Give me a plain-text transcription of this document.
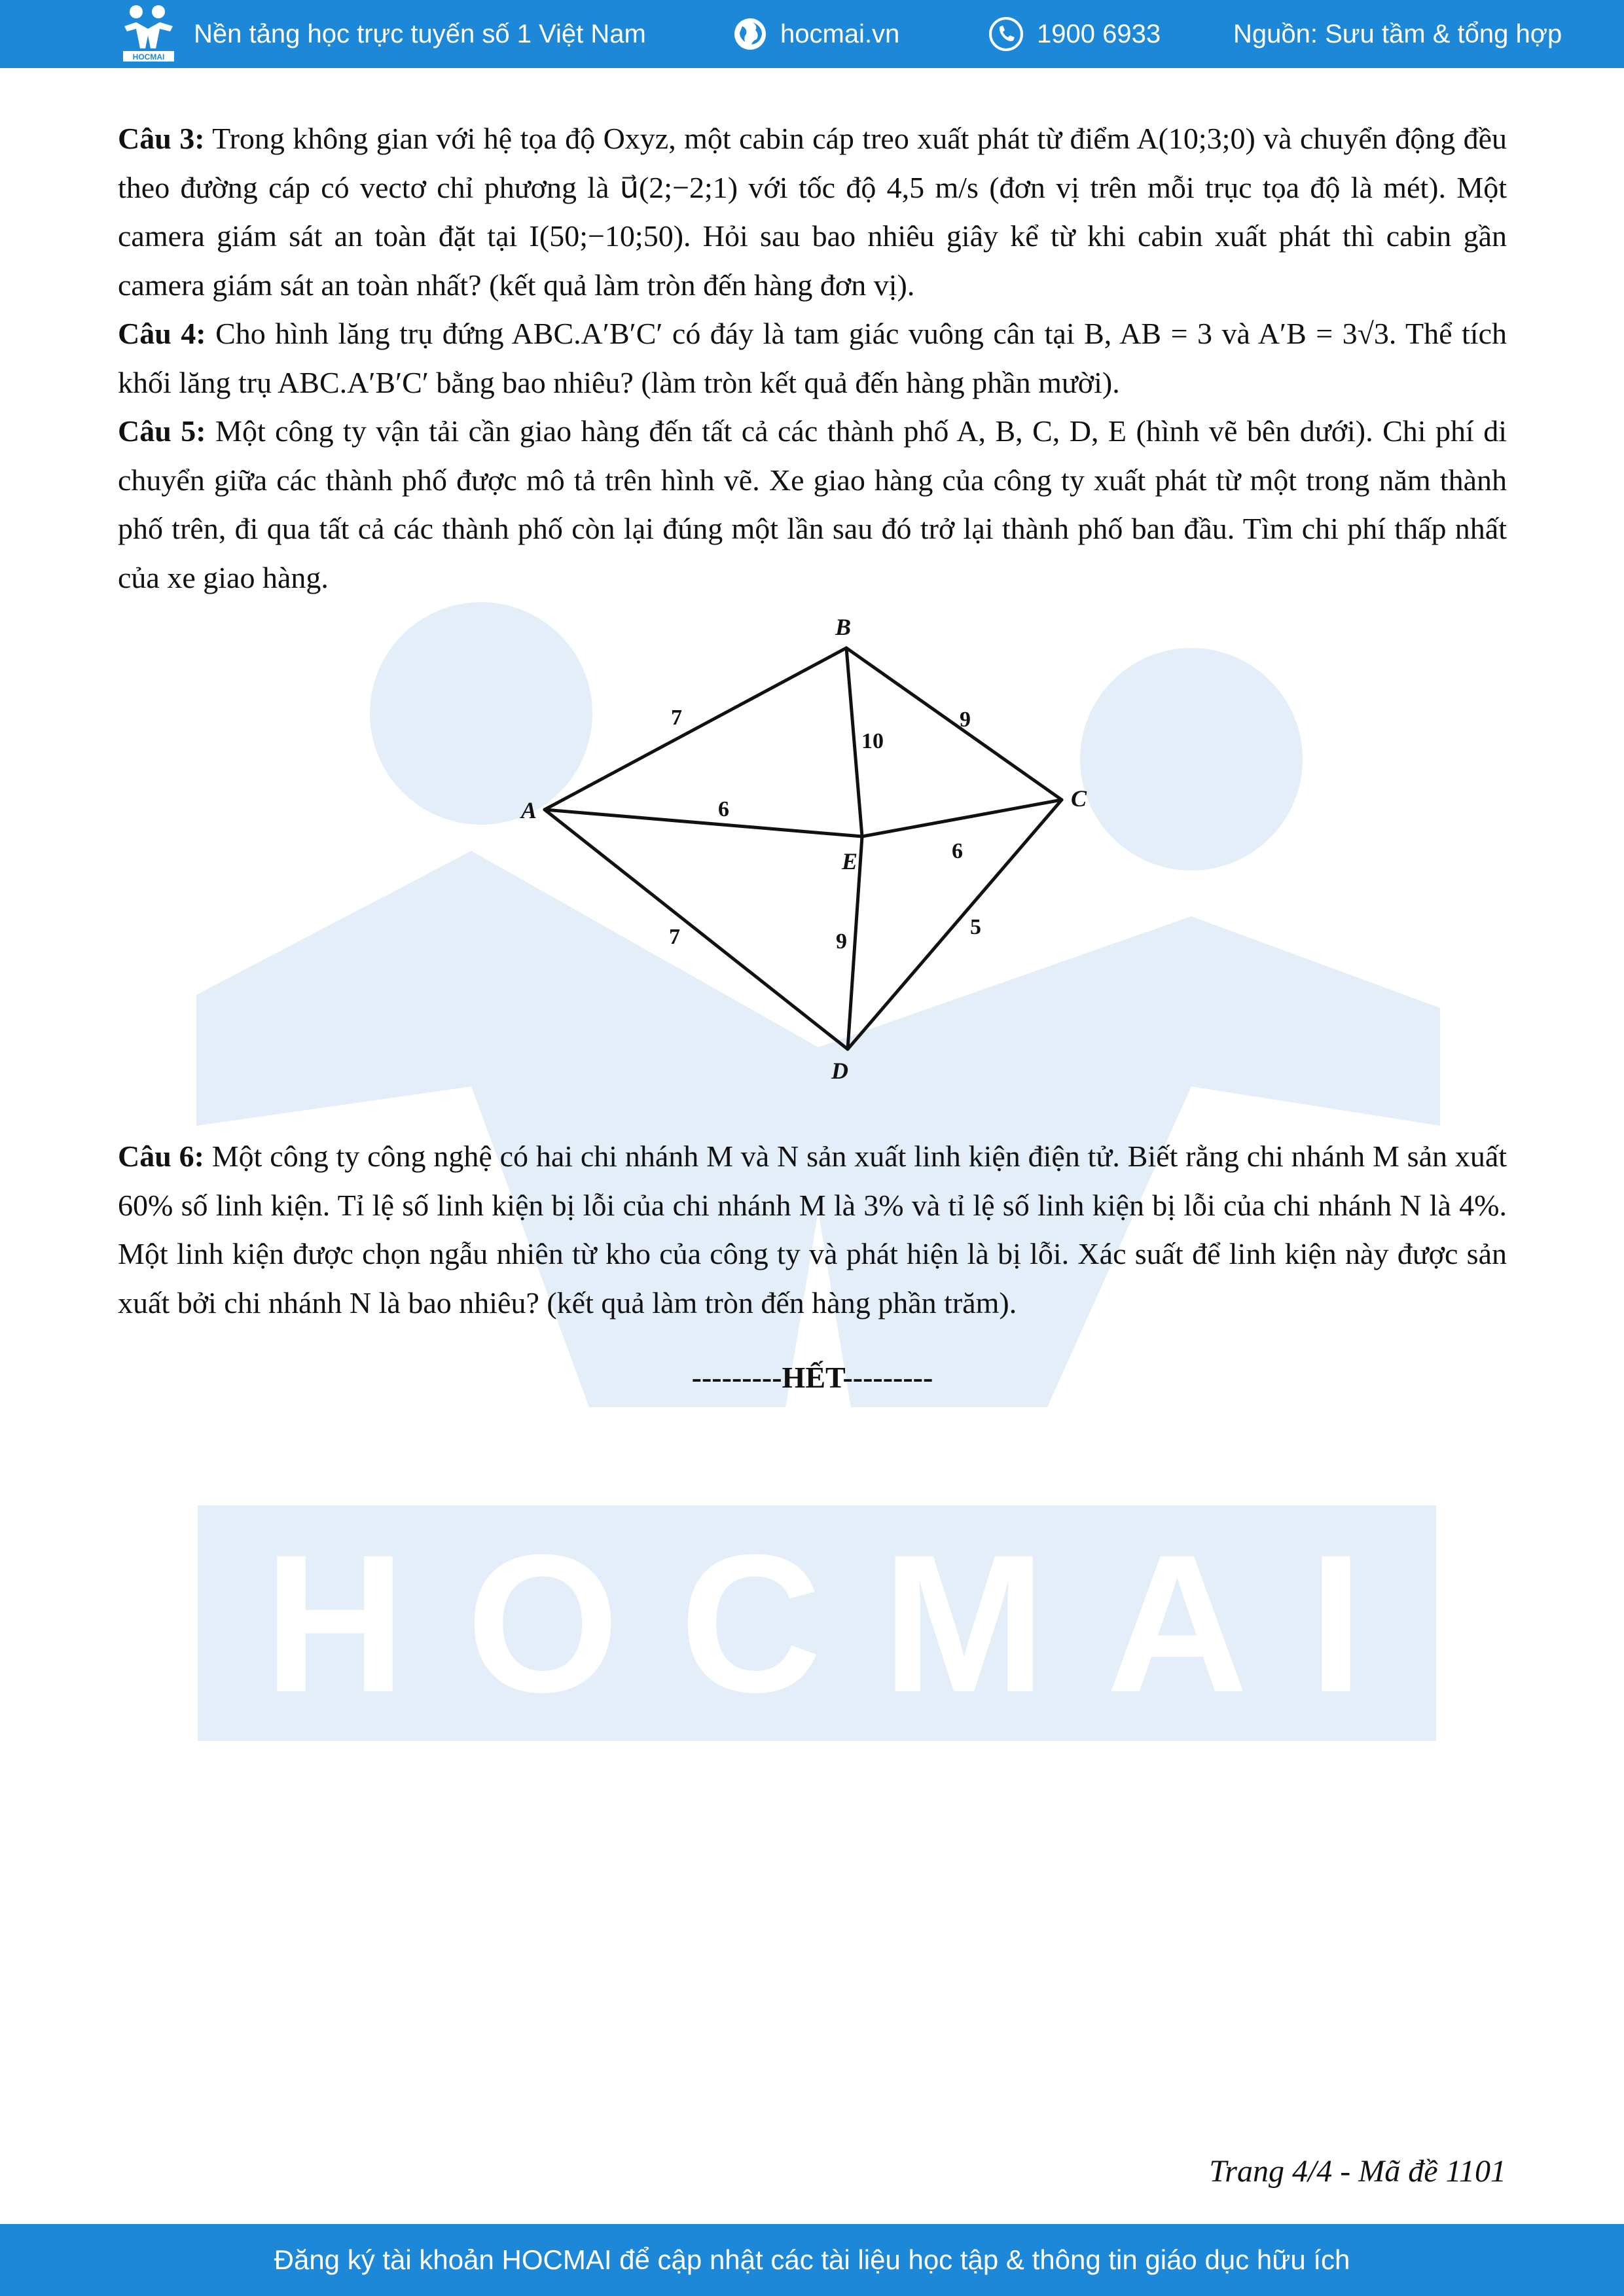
HOCMAI
Nền tảng học trực tuyến số 1 Việt Nam	hocmai.vn	1900 6933	Nguồn: Sưu tầm & tổng hợp
H O C M A I

Câu 3: Trong không gian với hệ tọa độ Oxyz, một cabin cáp treo xuất phát từ điểm A(10;3;0) và chuyển động đều theo đường cáp có vectơ chỉ phương là u⃗(2;−2;1) với tốc độ 4,5 m/s (đơn vị trên mỗi trục tọa độ là mét). Một camera giám sát an toàn đặt tại I(50;−10;50). Hỏi sau bao nhiêu giây kể từ khi cabin xuất phát thì cabin gần camera giám sát an toàn nhất? (kết quả làm tròn đến hàng đơn vị).

Câu 4: Cho hình lăng trụ đứng ABC.A′B′C′ có đáy là tam giác vuông cân tại B, AB = 3 và A′B = 3√3. Thể tích khối lăng trụ ABC.A′B′C′ bằng bao nhiêu? (làm tròn kết quả đến hàng phần mười).

Câu 5: Một công ty vận tải cần giao hàng đến tất cả các thành phố A, B, C, D, E (hình vẽ bên dưới). Chi phí di chuyển giữa các thành phố được mô tả trên hình vẽ. Xe giao hàng của công ty xuất phát từ một trong năm thành phố trên, đi qua tất cả các thành phố còn lại đúng một lần sau đó trở lại thành phố ban đầu. Tìm chi phí thấp nhất của xe giao hàng.

A
B
C
D
E
7	9
10
6
6
7	9
5

Câu 6: Một công ty công nghệ có hai chi nhánh M và N sản xuất linh kiện điện tử. Biết rằng chi nhánh M sản xuất 60% số linh kiện. Tỉ lệ số linh kiện bị lỗi của chi nhánh M là 3% và tỉ lệ số linh kiện bị lỗi của chi nhánh N là 4%. Một linh kiện được chọn ngẫu nhiên từ kho của công ty và phát hiện là bị lỗi. Xác suất để linh kiện này được sản xuất bởi chi nhánh N là bao nhiêu? (kết quả làm tròn đến hàng phần trăm).

---------HẾT---------
Trang 4/4 - Mã đề 1101
Đăng ký tài khoản HOCMAI để cập nhật các tài liệu học tập & thông tin giáo dục hữu ích
